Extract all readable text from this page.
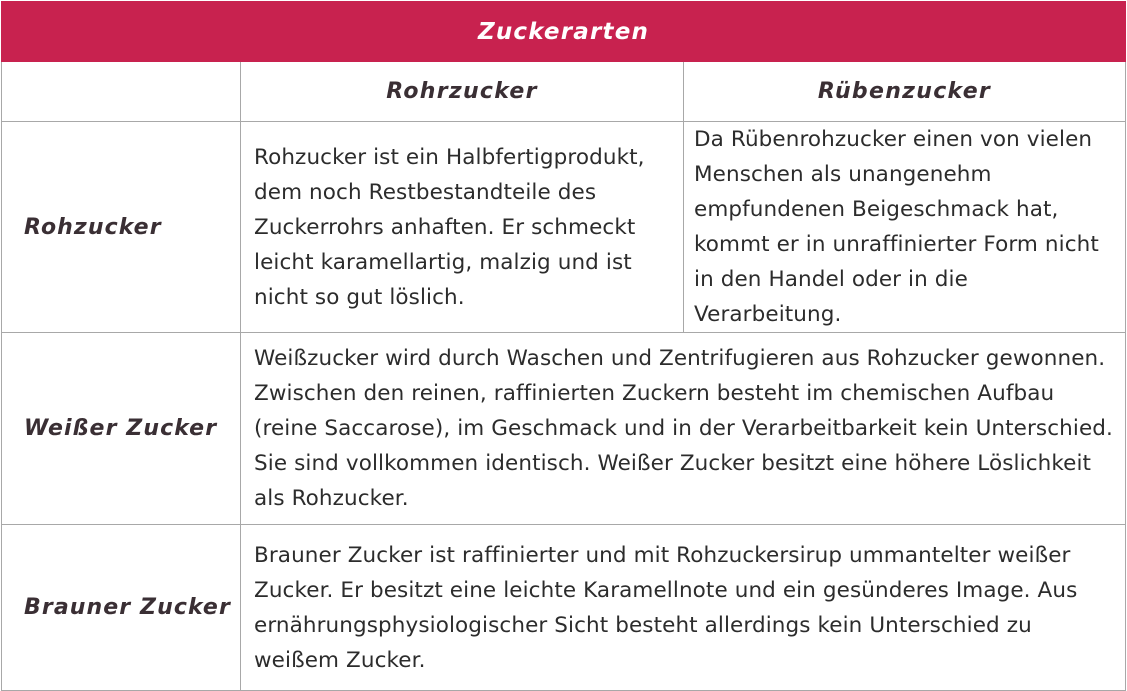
Zuckerarten		
	Rohrzucker	Rübenzucker
Rohzucker	Rohzucker ist ein Halbfertigprodukt, dem noch Restbestandteile des Zuckerrohrs anhaften. Er schmeckt leicht karamellartig, malzig und ist nicht so gut löslich.	Da Rübenrohzucker einen von vielen Menschen als unangenehm empfundenen Beigeschmack hat, kommt er in unraffinierter Form nicht in den Handel oder in die Verarbeitung.
Weißer Zucker	Weißzucker wird durch Waschen und Zentrifugieren aus Rohzucker gewonnen. Zwischen den reinen, raffinierten Zuckern besteht im chemischen Aufbau (reine Saccarose), im Geschmack und in der Verarbeitbarkeit kein Unterschied. Sie sind vollkommen identisch. Weißer Zucker besitzt eine höhere Löslichkeit als Rohzucker.	
Brauner Zucker	Brauner Zucker ist raffinierter und mit Rohzuckersirup ummantelter weißer Zucker. Er besitzt eine leichte Karamellnote und ein gesünderes Image. Aus ernährungsphysiologischer Sicht besteht allerdings kein Unterschied zu weißem Zucker.	
